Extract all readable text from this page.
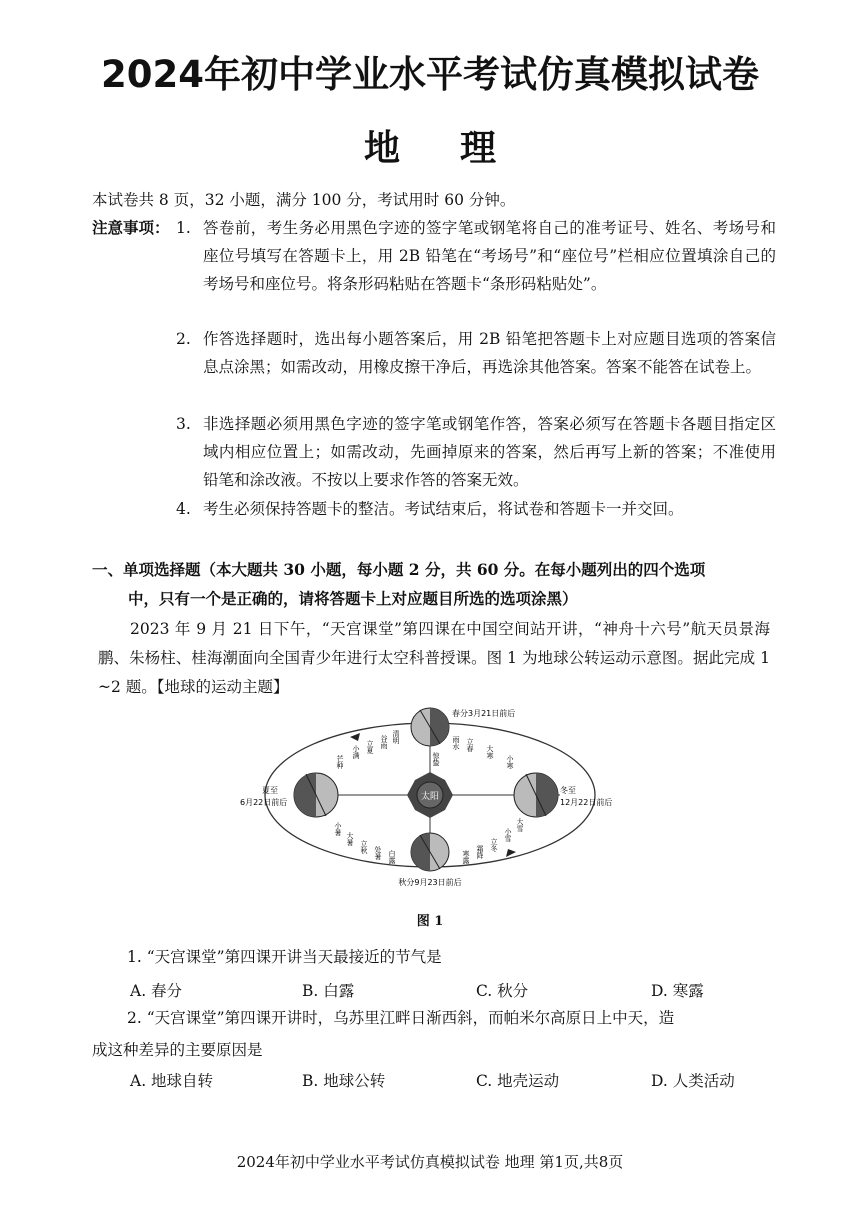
2024年初中学业水平考试仿真模拟试卷
地 理
本试卷共 8 页，32 小题，满分 100 分，考试用时 60 分钟。
注意事项： 1. 答卷前，考生务必用黑色字迹的签字笔或钢笔将自己的准考证号、姓名、考场号和座位号填写在答题卡上，用 2B 铅笔在“考场号”和“座位号”栏相应位置填涂自己的考场号和座位号。将条形码粘贴在答题卡“条形码粘贴处”。
2. 作答选择题时，选出每小题答案后，用 2B 铅笔把答题卡上对应题目选项的答案信息点涂黑；如需改动，用橡皮擦干净后，再选涂其他答案。答案不能答在试卷上。
3. 非选择题必须用黑色字迹的签字笔或钢笔作答，答案必须写在答题卡各题目指定区域内相应位置上；如需改动，先画掉原来的答案，然后再写上新的答案；不准使用铅笔和涂改液。不按以上要求作答的答案无效。
4. 考生必须保持答题卡的整洁。考试结束后，将试卷和答题卡一并交回。
一、单项选择题（本大题共 30 小题，每小题 2 分，共 60 分。在每小题列出的四个选项
中，只有一个是正确的，请将答题卡上对应题目所选的选项涂黑）
2023 年 9 月 21 日下午，“天宫课堂”第四课在中国空间站开讲，“神舟十六号”航天员景海鹏、朱杨柱、桂海潮面向全国青少年进行太空科普授课。图 1 为地球公转运动示意图。据此完成 1 ~2 题。【地球的运动主题】
太阳
春分3月21日前后
夏至
6月22日前后
冬至
12月22日前后
秋分9月23日前后
惊蛰
雨水 立春 大寒
小寒
清明
谷雨
立夏
小满
芒种
小暑
大暑
立秋 处暑 白露	寒露 霜降 立冬
小雪
大雪
图 1
1. “天宫课堂”第四课开讲当天最接近的节气是
A. 春分	B. 白露	C. 秋分	D. 寒露
2. “天宫课堂”第四课开讲时，乌苏里江畔日渐西斜，而帕米尔高原日上中天，造
成这种差异的主要原因是
A. 地球自转	B. 地球公转	C. 地壳运动	D. 人类活动
2024年初中学业水平考试仿真模拟试卷 地理 第1页,共8页
